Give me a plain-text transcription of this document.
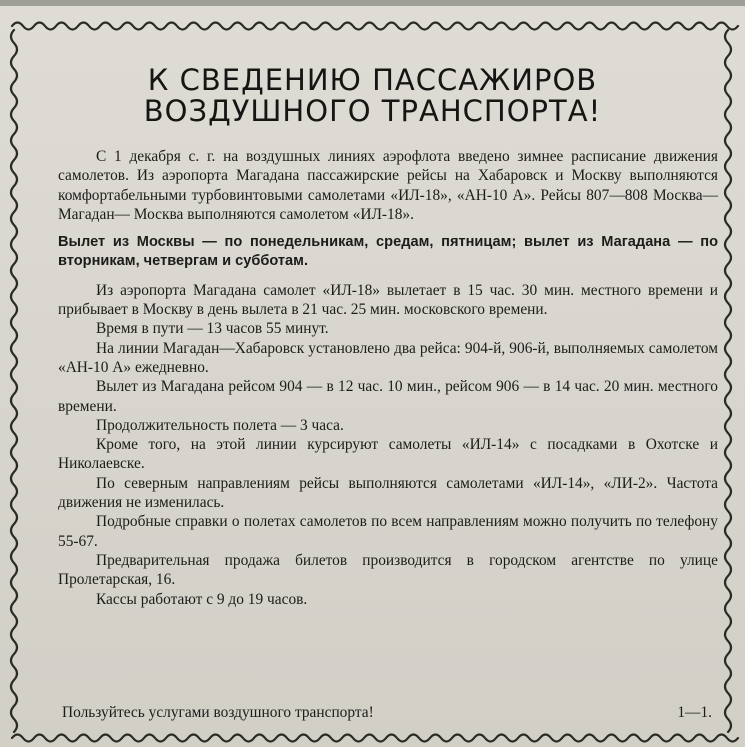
К СВЕДЕНИЮ ПАССАЖИРОВ
ВОЗДУШНОГО ТРАНСПОРТА!

С 1 декабря с. г. на воздушных линиях аэрофлота введено зимнее расписание движения самолетов. Из аэропорта Магадана пассажирские рейсы на Хабаровск и Москву выполняются комфортабельными турбовинтовыми самолетами «ИЛ-18», «АН-10 А». Рейсы 807—808 Москва—Магадан— Москва выполняются самолетом «ИЛ-18».

Вылет из Москвы — по понедельникам, средам, пятницам; вылет из Магадана — по вторникам, четвергам и субботам.

Из аэропорта Магадана самолет «ИЛ-18» вылетает в 15 час. 30 мин. местного времени и прибывает в Москву в день вылета в 21 час. 25 мин. московского времени.

Время в пути — 13 часов 55 минут.

На линии Магадан—Хабаровск установлено два рейса: 904-й, 906-й, выполняемых самолетом «АН-10 А» ежедневно.

Вылет из Магадана рейсом 904 — в 12 час. 10 мин., рейсом 906 — в 14 час. 20 мин. местного времени.

Продолжительность полета — 3 часа.

Кроме того, на этой линии курсируют самолеты «ИЛ-14» с посадками в Охотске и Николаевске.

По северным направлениям рейсы выполняются самолетами «ИЛ-14», «ЛИ-2». Частота движения не изменилась.

Подробные справки о полетах самолетов по всем направлениям можно получить по телефону 55-67.

Предварительная продажа билетов производится в городском агентстве по улице Пролетарская, 16.

Кассы работают с 9 до 19 часов.

Пользуйтесь услугами воздушного транспорта!	1—1.
